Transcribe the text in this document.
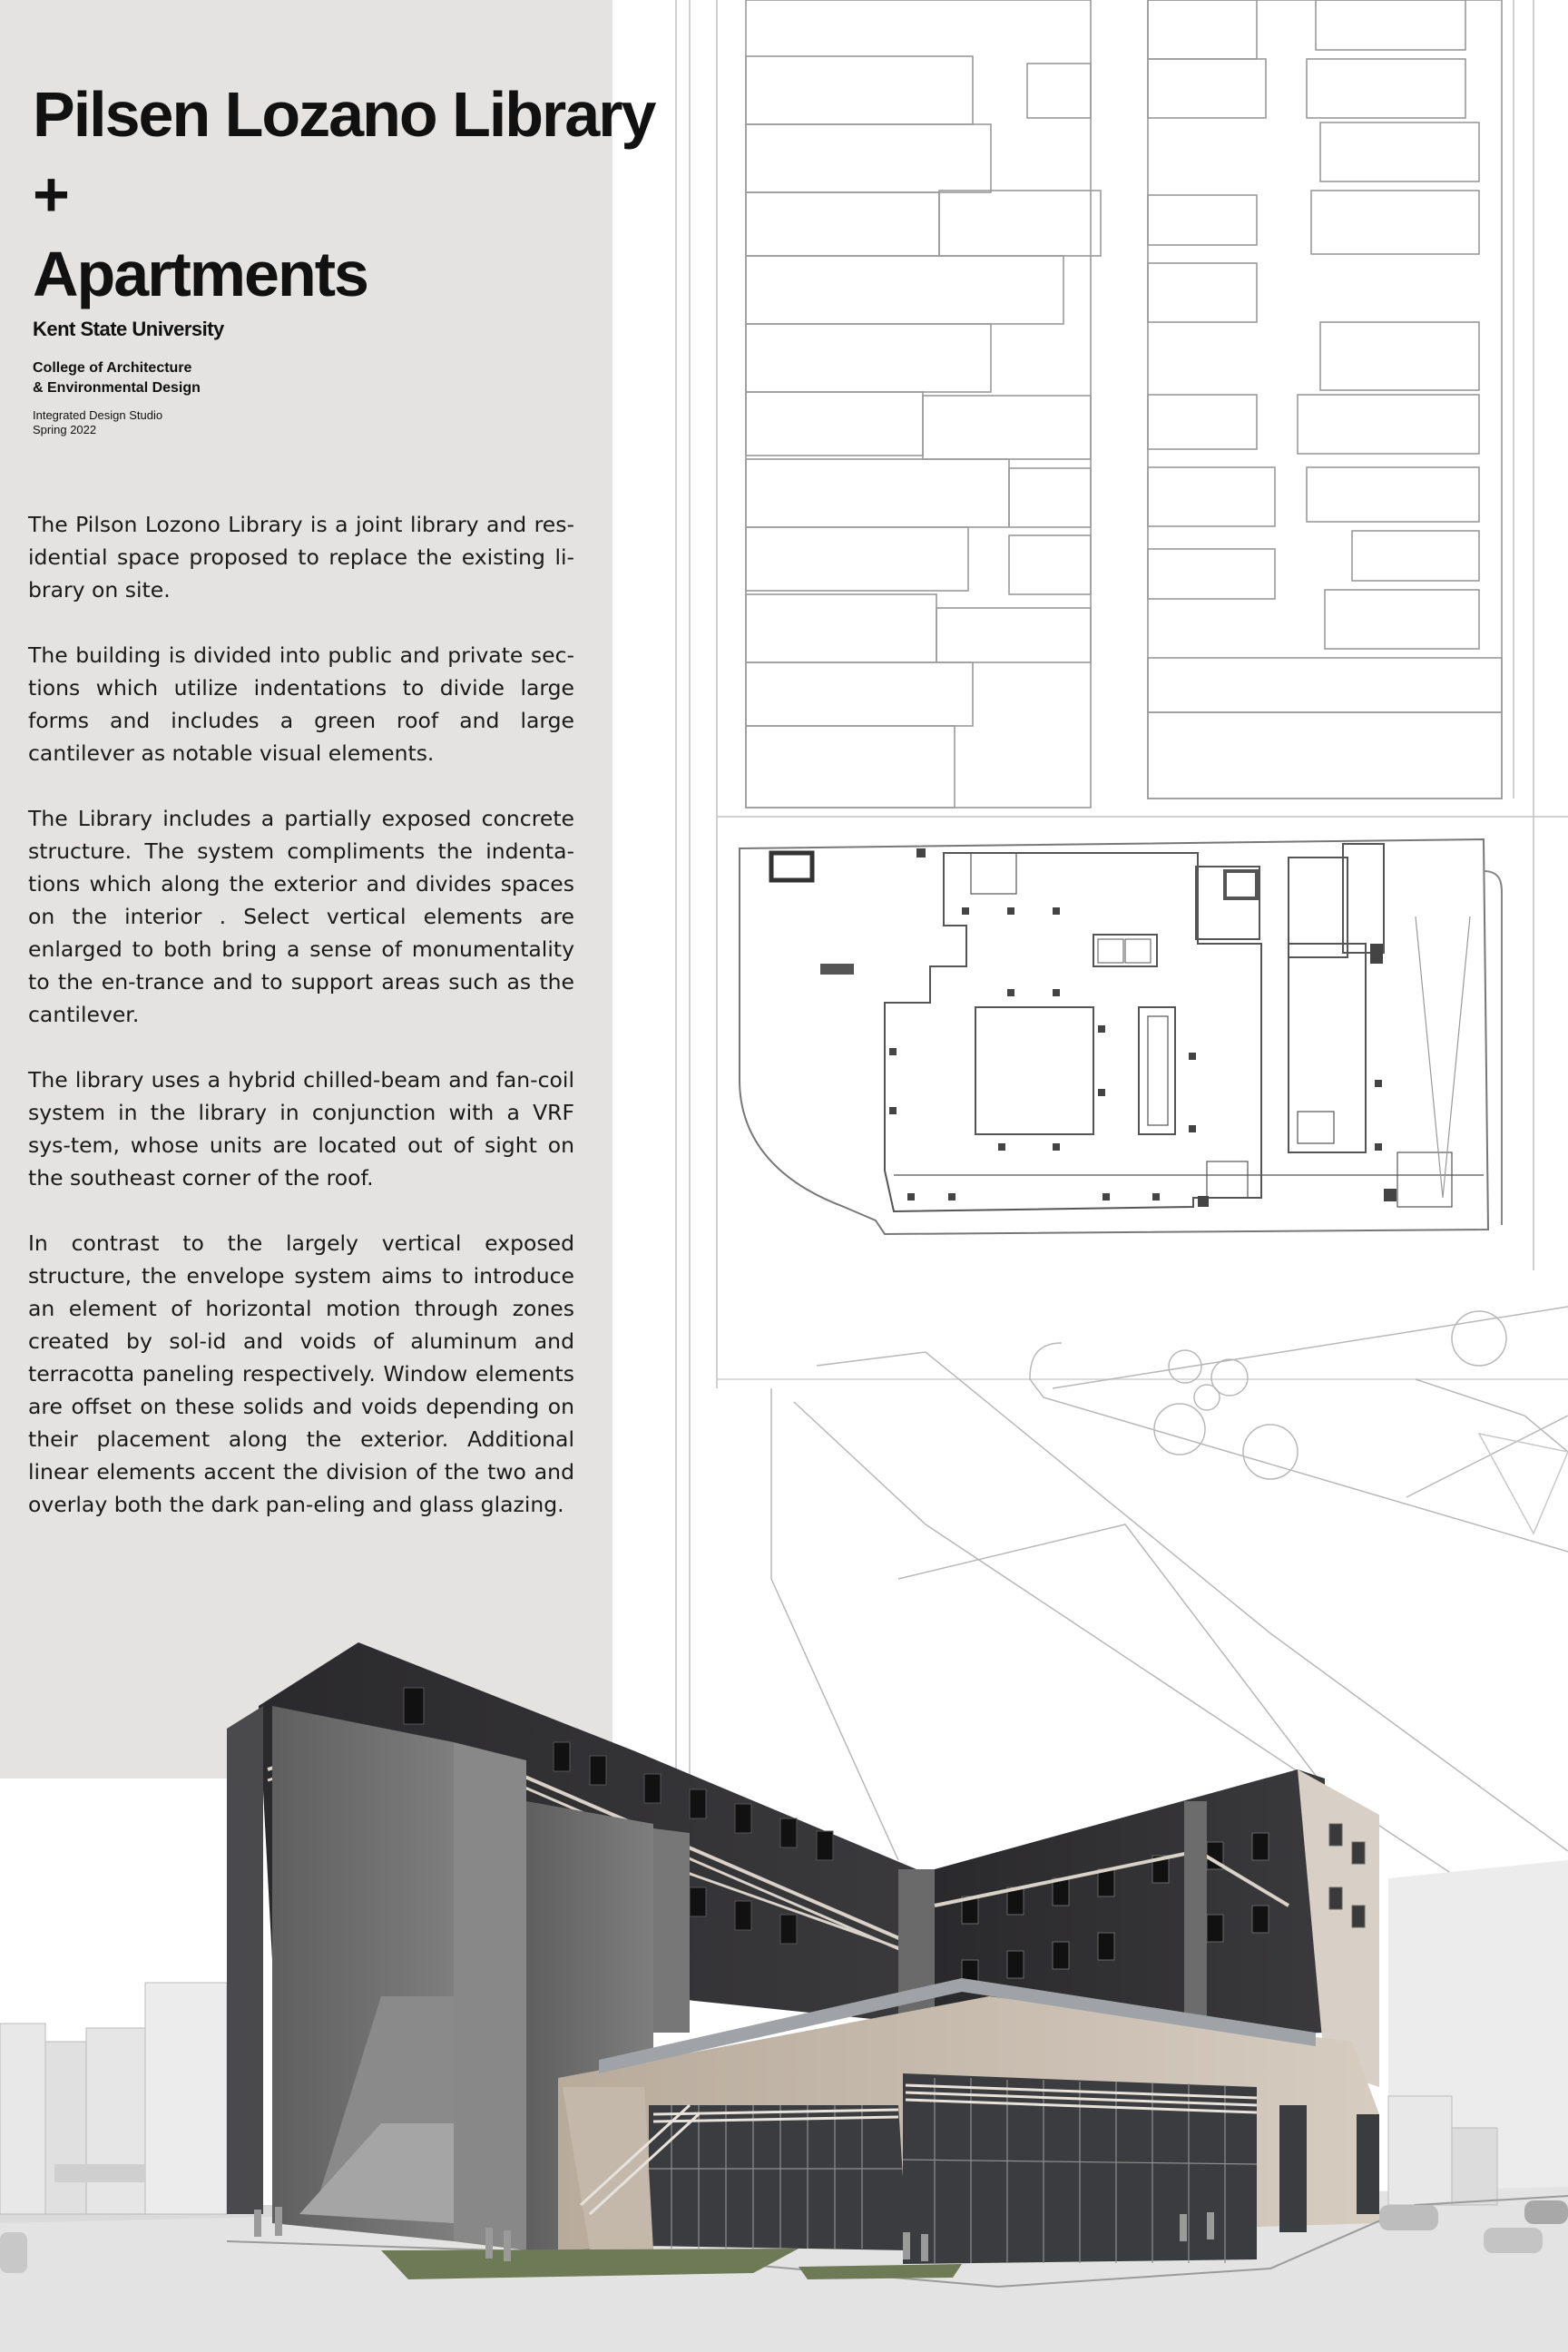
Pilsen Lozano Library
+
Apartments
Kent State University
College of Architecture
& Environmental Design
Integrated Design Studio
Spring 2022

The Pilson Lozono Library is a joint library and res-idential space proposed to replace the existing li-brary on site.

The building is divided into public and private sec-tions which utilize indentations to divide large forms and includes a green roof and large cantilever as notable visual elements.

The Library includes a partially exposed concrete structure. The system compliments the indenta-tions which along the exterior and divides spaces on the interior . Select vertical elements are enlarged to both bring a sense of monumentality to the en-trance and to support areas such as the cantilever.

The library uses a hybrid chilled-beam and fan-coil system in the library in conjunction with a VRF sys-tem, whose units are located out of sight on the southeast corner of the roof.

In contrast to the largely vertical exposed structure, the envelope system aims to introduce an element of horizontal motion through zones created by sol-id and voids of aluminum and terracotta paneling respectively. Window elements are offset on these solids and voids depending on their placement along the exterior. Additional linear elements accent the division of the two and overlay both the dark pan-eling and glass glazing.
